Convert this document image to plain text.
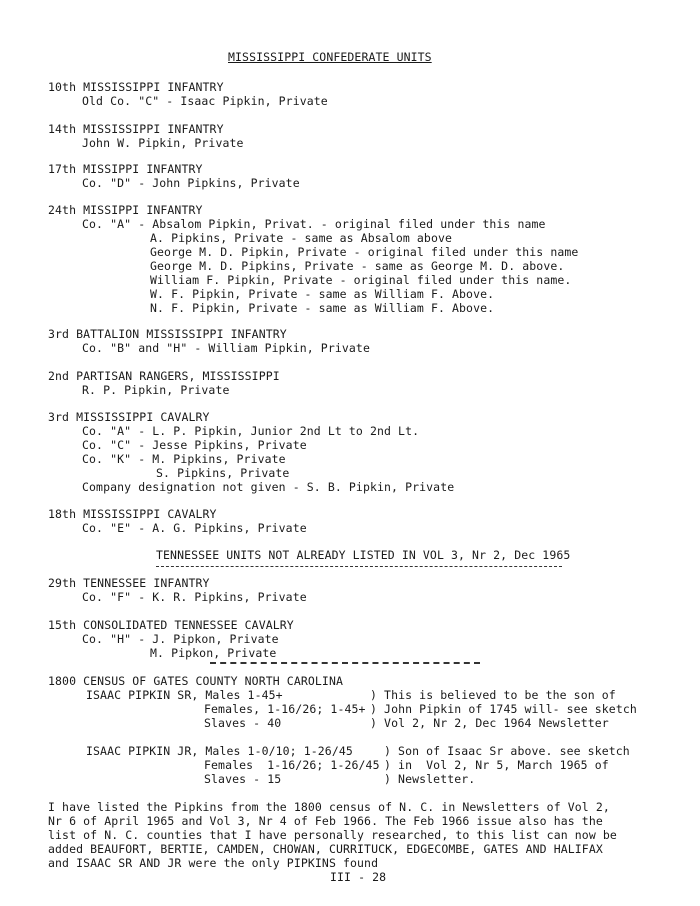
MISSISSIPPI CONFEDERATE UNITS
10th MISSISSIPPI INFANTRY
Old Co. "C" - Isaac Pipkin, Private
14th MISSISSIPPI INFANTRY
John W. Pipkin, Private
17th MISSIPPI INFANTRY
Co. "D" - John Pipkins, Private
24th MISSIPPI INFANTRY
Co. "A" - Absalom Pipkin, Privat. - original filed under this name
A. Pipkins, Private - same as Absalom above
George M. D. Pipkin, Private - original filed under this name
George M. D. Pipkins, Private - same as George M. D. above.
William F. Pipkin, Private - original filed under this name.
W. F. Pipkin, Private - same as William F. Above.
N. F. Pipkin, Private - same as William F. Above.
3rd BATTALION MISSISSIPPI INFANTRY
Co. "B" and "H" - William Pipkin, Private
2nd PARTISAN RANGERS, MISSISSIPPI
R. P. Pipkin, Private
3rd MISSISSIPPI CAVALRY
Co. "A" - L. P. Pipkin, Junior 2nd Lt to 2nd Lt.
Co. "C" - Jesse Pipkins, Private
Co. "K" - M. Pipkins, Private
S. Pipkins, Private
Company designation not given - S. B. Pipkin, Private
18th MISSISSIPPI CAVALRY
Co. "E" - A. G. Pipkins, Private
TENNESSEE UNITS NOT ALREADY LISTED IN VOL 3, Nr 2, Dec 1965
29th TENNESSEE INFANTRY
Co. "F" - K. R. Pipkins, Private
15th CONSOLIDATED TENNESSEE CAVALRY
Co. "H" - J. Pipkon, Private
M. Pipkon, Private
1800 CENSUS OF GATES COUNTY NORTH CAROLINA
ISAAC PIPKIN SR, Males 1-45+
Females, 1-16/26; 1-45+
Slaves - 40
) This is believed to be the son of
) John Pipkin of 1745 will- see sketch
) Vol 2, Nr 2, Dec 1964 Newsletter
ISAAC PIPKIN JR, Males 1-0/10; 1-26/45
Females  1-16/26; 1-26/45
Slaves - 15
) Son of Isaac Sr above. see sketch
) in  Vol 2, Nr 5, March 1965 of
) Newsletter.
I have listed the Pipkins from the 1800 census of N. C. in Newsletters of Vol 2,
Nr 6 of April 1965 and Vol 3, Nr 4 of Feb 1966. The Feb 1966 issue also has the
list of N. C. counties that I have personally researched, to this list can now be
added BEAUFORT, BERTIE, CAMDEN, CHOWAN, CURRITUCK, EDGECOMBE, GATES AND HALIFAX
and ISAAC SR AND JR were the only PIPKINS found
III - 28
